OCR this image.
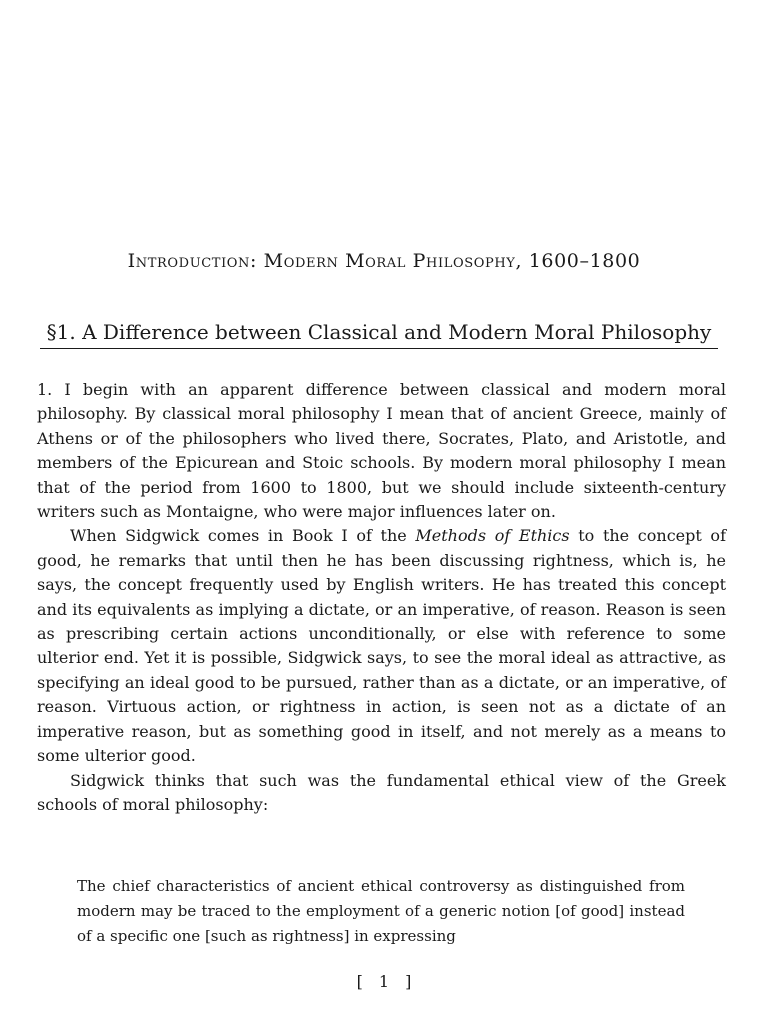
Introduction: Modern Moral Philosophy, 1600–1800
§1. A Difference between Classical and Modern Moral Philosophy

1. I begin with an apparent difference between classical and modern moral philosophy. By classical moral philosophy I mean that of ancient Greece, mainly of Athens or of the philosophers who lived there, Socrates, Plato, and Aristotle, and members of the Epicurean and Stoic schools. By modern moral philosophy I mean that of the period from 1600 to 1800, but we should include sixteenth-century writers such as Montaigne, who were major influences later on.

When Sidgwick comes in Book I of the Methods of Ethics to the concept of good, he remarks that until then he has been discussing rightness, which is, he says, the concept frequently used by English writers. He has treated this concept and its equivalents as implying a dictate, or an imperative, of reason. Reason is seen as prescribing certain actions unconditionally, or else with reference to some ulterior end. Yet it is possible, Sidgwick says, to see the moral ideal as attractive, as specifying an ideal good to be pursued, rather than as a dictate, or an imperative, of reason. Virtuous action, or rightness in action, is seen not as a dictate of an imperative reason, but as something good in itself, and not merely as a means to some ulterior good.

Sidgwick thinks that such was the fundamental ethical view of the Greek schools of moral philosophy:

The chief characteristics of ancient ethical controversy as distinguished from modern may be traced to the employment of a generic notion [of good] instead of a specific one [such as rightness] in expressing

[ 1 ]
